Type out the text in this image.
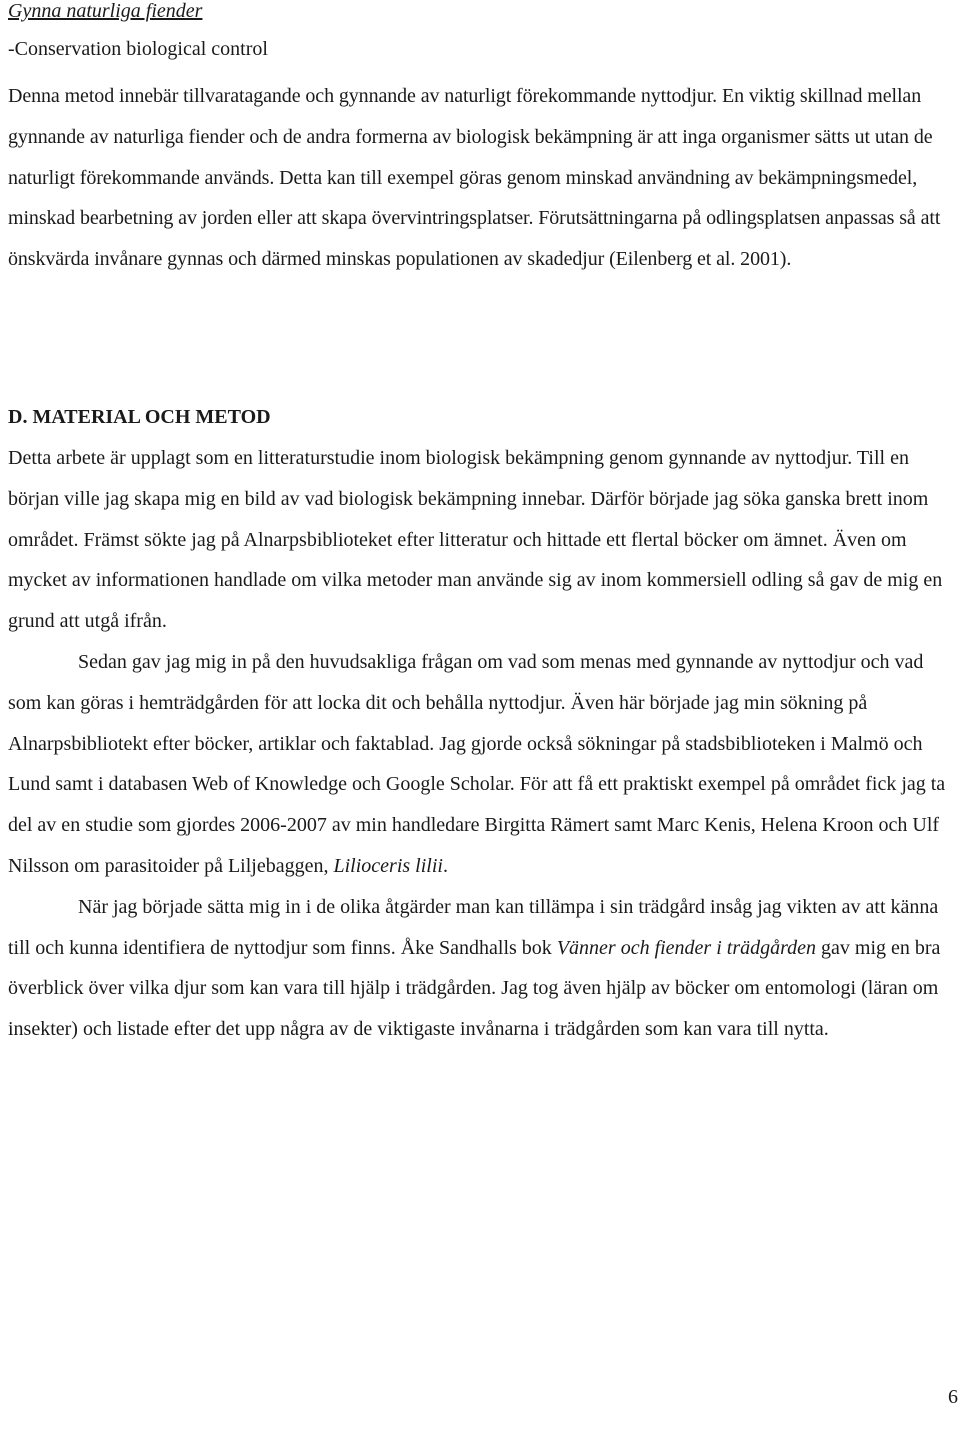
Gynna naturliga fiender
-Conservation biological control
Denna metod innebär tillvaratagande och gynnande av naturligt förekommande nyttodjur. En viktig skillnad mellan gynnande av naturliga fiender och de andra formerna av biologisk bekämpning är att inga organismer sätts ut utan de naturligt förekommande används. Detta kan till exempel göras genom minskad användning av bekämpningsmedel, minskad bearbetning av jorden eller att skapa övervintringsplatser. Förutsättningarna på odlingsplatsen anpassas så att önskvärda invånare gynnas och därmed minskas populationen av skadedjur (Eilenberg et al. 2001).
D. MATERIAL OCH METOD

Detta arbete är upplagt som en litteraturstudie inom biologisk bekämpning genom gynnande av nyttodjur. Till en början ville jag skapa mig en bild av vad biologisk bekämpning innebar. Därför började jag söka ganska brett inom området. Främst sökte jag på Alnarpsbiblioteket efter litteratur och hittade ett flertal böcker om ämnet. Även om mycket av informationen handlade om vilka metoder man använde sig av inom kommersiell odling så gav de mig en grund att utgå ifrån.

Sedan gav jag mig in på den huvudsakliga frågan om vad som menas med gynnande av nyttodjur och vad som kan göras i hemträdgården för att locka dit och behålla nyttodjur. Även här började jag min sökning på Alnarpsbibliotekt efter böcker, artiklar och faktablad. Jag gjorde också sökningar på stadsbiblioteken i Malmö och Lund samt i databasen Web of Knowledge och Google Scholar. För att få ett praktiskt exempel på området fick jag ta del av en studie som gjordes 2006-2007 av min handledare Birgitta Rämert samt Marc Kenis, Helena Kroon och Ulf Nilsson om parasitoider på Liljebaggen, Lilioceris lilii.

När jag började sätta mig in i de olika åtgärder man kan tillämpa i sin trädgård insåg jag vikten av att känna till och kunna identifiera de nyttodjur som finns. Åke Sandhalls bok Vänner och fiender i trädgården gav mig en bra överblick över vilka djur som kan vara till hjälp i trädgården. Jag tog även hjälp av böcker om entomologi (läran om insekter) och listade efter det upp några av de viktigaste invånarna i trädgården som kan vara till nytta.

6
